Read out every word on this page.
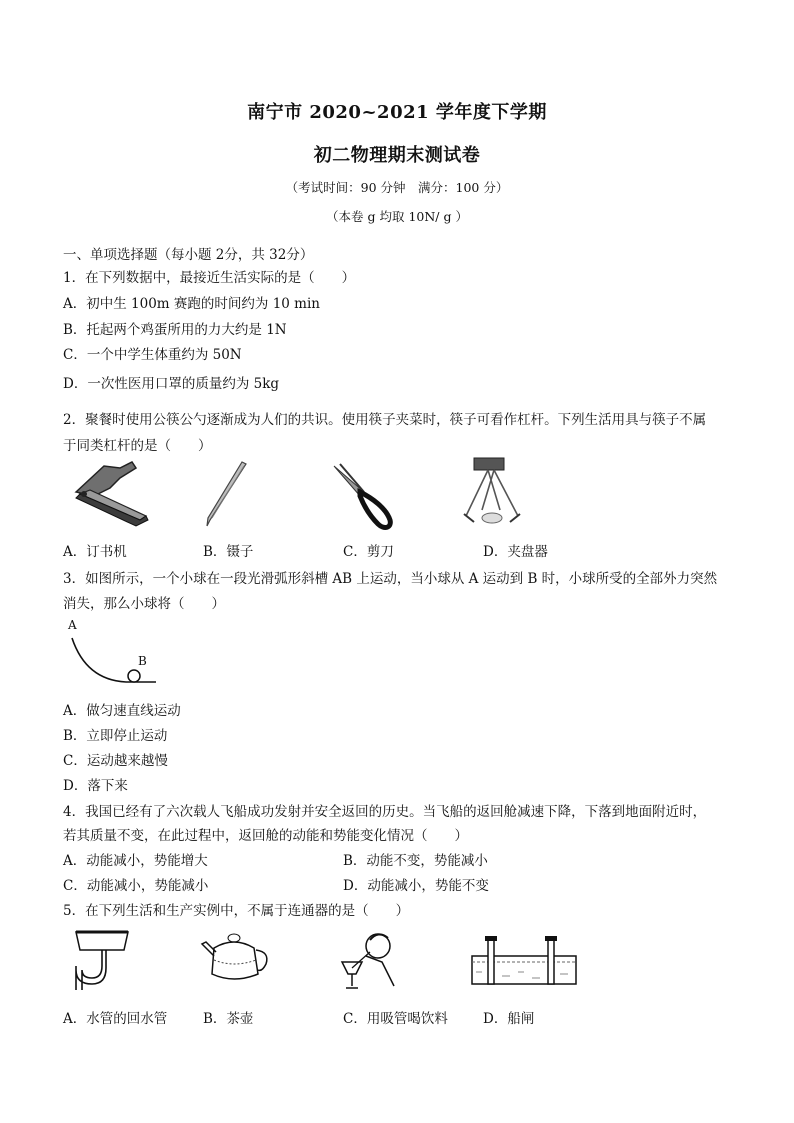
南宁市 2020~2021 学年度下学期
初二物理期末测试卷
（考试时间：90 分钟　满分：100 分）
（本卷 g 均取 10N/ g ）
一、单项选择题（每小题 2分，共 32分）
1．在下列数据中，最接近生活实际的是（　　）
A．初中生 100m 赛跑的时间约为 10 min
B．托起两个鸡蛋所用的力大约是 1N
C．一个中学生体重约为 50N
D．一次性医用口罩的质量约为 5kg
2．聚餐时使用公筷公勺逐渐成为人们的共识。使用筷子夹菜时，筷子可看作杠杆。下列生活用具与筷子不属
于同类杠杆的是（　　）
A．订书机	B．镊子	C．剪刀	D．夹盘器
3．如图所示，一个小球在一段光滑弧形斜槽 AB 上运动，当小球从 A 运动到 B 时，小球所受的全部外力突然
消失，那么小球将（　　）
A
B
A．做匀速直线运动
B．立即停止运动
C．运动越来越慢
D．落下来
4．我国已经有了六次载人飞船成功发射并安全返回的历史。当飞船的返回舱减速下降，下落到地面附近时，
若其质量不变，在此过程中，返回舱的动能和势能变化情况（　　）
A．动能减小，势能增大	B．动能不变，势能减小
C．动能减小，势能减小	D．动能减小，势能不变
5．在下列生活和生产实例中，不属于连通器的是（　　）
A．水管的回水管	B．茶壶	C．用吸管喝饮料	D．船闸
